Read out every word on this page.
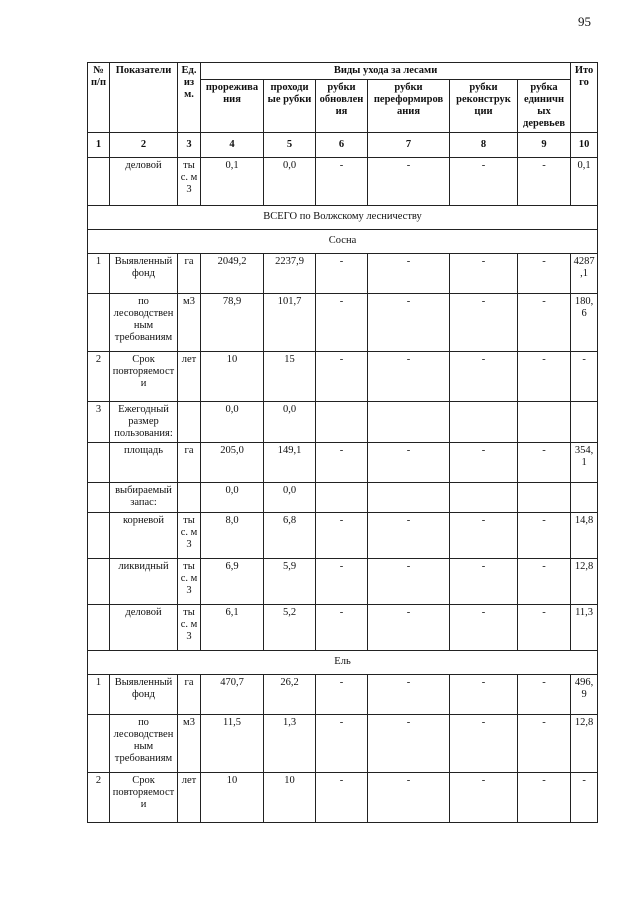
95
№ п/п	Показатели	Ед. из м.	Виды ухода за лесами						Ито го
			прорежива ния	проходи ые рубки	рубки обновлен ия	рубки переформиров ания	рубки реконструк ции	рубка единичн ых деревьев	
1	2	3	4	5	6	7	8	9	10
	деловой	ты с. м3	0,1	0,0	-	-	-	-	0,1
ВСЕГО по Волжскому лесничеству									
Сосна									
1	Выявленный фонд	га	2049,2	2237,9	-	-	-	-	4287 ,1
	по лесоводствен ным требованиям	м3	78,9	101,7	-	-	-	-	180, 6
2	Срок повторяемост и	лет	10	15	-	-	-	-	-
3	Ежегодный размер пользования:		0,0	0,0					
	площадь	га	205,0	149,1	-	-	-	-	354, 1
	выбираемый запас:		0,0	0,0					
	корневой	ты с. м3	8,0	6,8	-	-	-	-	14,8
	ликвидный	ты с. м3	6,9	5,9	-	-	-	-	12,8
	деловой	ты с. м3	6,1	5,2	-	-	-	-	11,3
Ель									
1	Выявленный фонд	га	470,7	26,2	-	-	-	-	496, 9
	по лесоводствен ным требованиям	м3	11,5	1,3	-	-	-	-	12,8
2	Срок повторяемост и	лет	10	10	-	-	-	-	-
